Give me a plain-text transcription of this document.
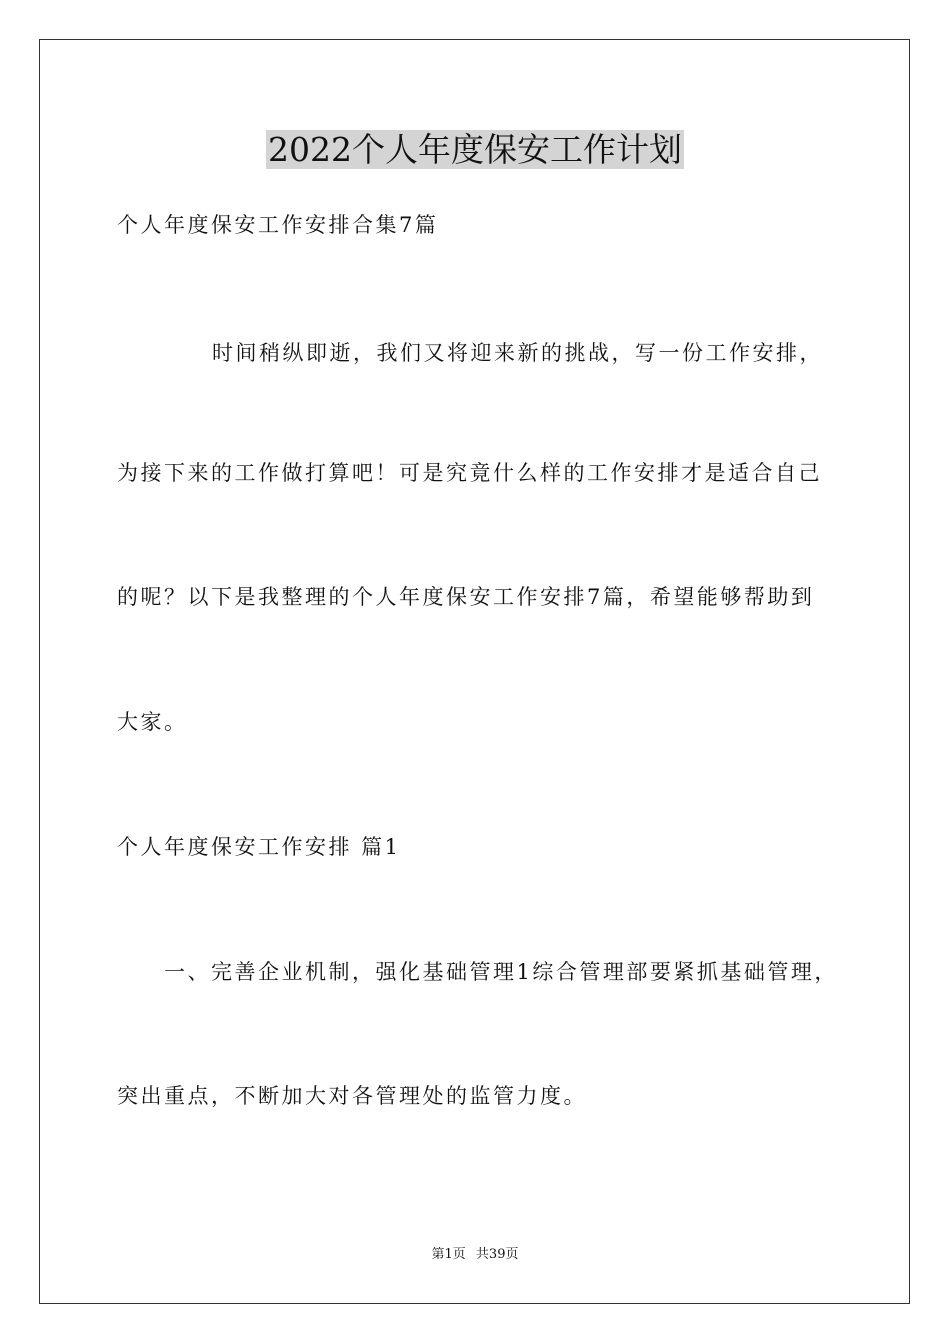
2022个人年度保安工作计划
个人年度保安工作安排合集7篇
时间稍纵即逝，我们又将迎来新的挑战，写一份工作安排，
为接下来的工作做打算吧！可是究竟什么样的工作安排才是适合自己
的呢？以下是我整理的个人年度保安工作安排7篇，希望能够帮助到
大家。
个人年度保安工作安排 篇1
一、完善企业机制，强化基础管理1综合管理部要紧抓基础管理，
突出重点，不断加大对各管理处的监管力度。
第1页 共39页
